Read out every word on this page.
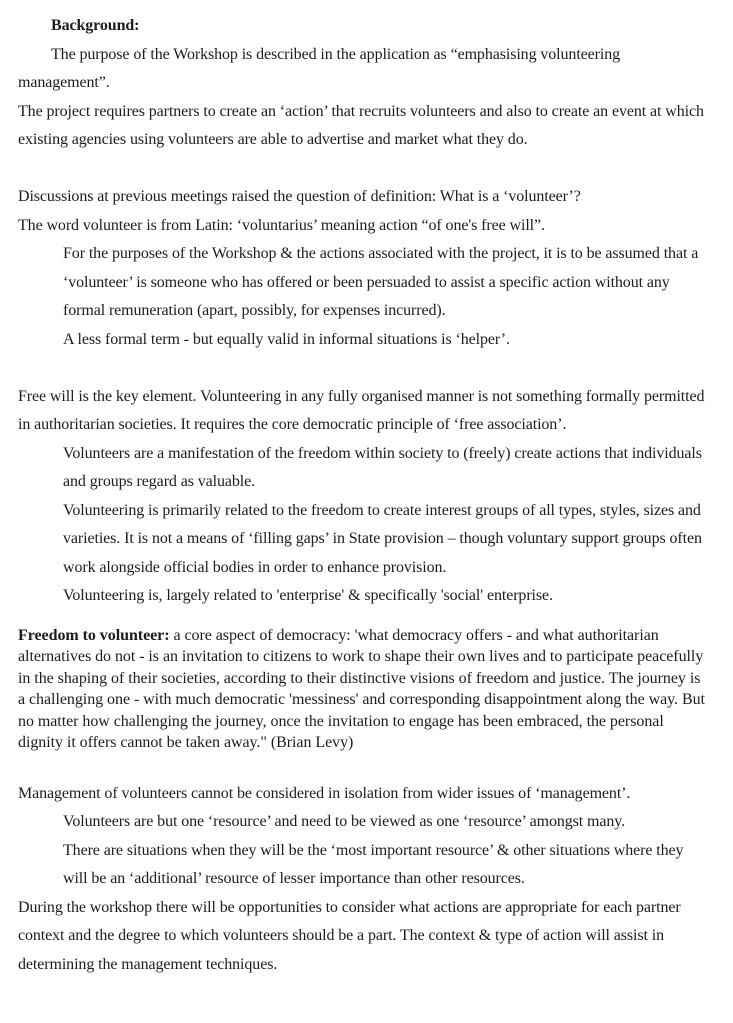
Background:

The purpose of the Workshop is described in the application as “emphasising volunteering management”.

The project requires partners to create an ‘action’ that recruits volunteers and also to create an event at which existing agencies using volunteers are able to advertise and market what they do.

Discussions at previous meetings raised the question of definition: What is a ‘volunteer’?

The word volunteer is from Latin: ‘voluntarius’ meaning action “of one's free will”.

For the purposes of the Workshop & the actions associated with the project, it is to be assumed that a ‘volunteer’ is someone who has offered or been persuaded to assist a specific action without any formal remuneration (apart, possibly, for expenses incurred).

A less formal term - but equally valid in informal situations is ‘helper’.

Free will is the key element. Volunteering in any fully organised manner is not something formally permitted in authoritarian societies. It requires the core democratic principle of ‘free association’.

Volunteers are a manifestation of the freedom within society to (freely) create actions that individuals and groups regard as valuable.

Volunteering is primarily related to the freedom to create interest groups of all types, styles, sizes and varieties. It is not a means of ‘filling gaps’ in State provision – though voluntary support groups often work alongside official bodies in order to enhance provision.

Volunteering is, largely related to 'enterprise' & specifically 'social' enterprise.

Freedom to volunteer: a core aspect of democracy: 'what democracy offers - and what authoritarian alternatives do not - is an invitation to citizens to work to shape their own lives and to participate peacefully in the shaping of their societies, according to their distinctive visions of freedom and justice. The journey is a challenging one - with much democratic 'messiness' and corresponding disappointment along the way. But no matter how challenging the journey, once the invitation to engage has been embraced, the personal dignity it offers cannot be taken away." (Brian Levy)

Management of volunteers cannot be considered in isolation from wider issues of ‘management’.

Volunteers are but one ‘resource’ and need to be viewed as one ‘resource’ amongst many.

There are situations when they will be the ‘most important resource’ & other situations where they will be an ‘additional’ resource of lesser importance than other resources.

During the workshop there will be opportunities to consider what actions are appropriate for each partner context and the degree to which volunteers should be a part. The context & type of action will assist in determining the management techniques.
